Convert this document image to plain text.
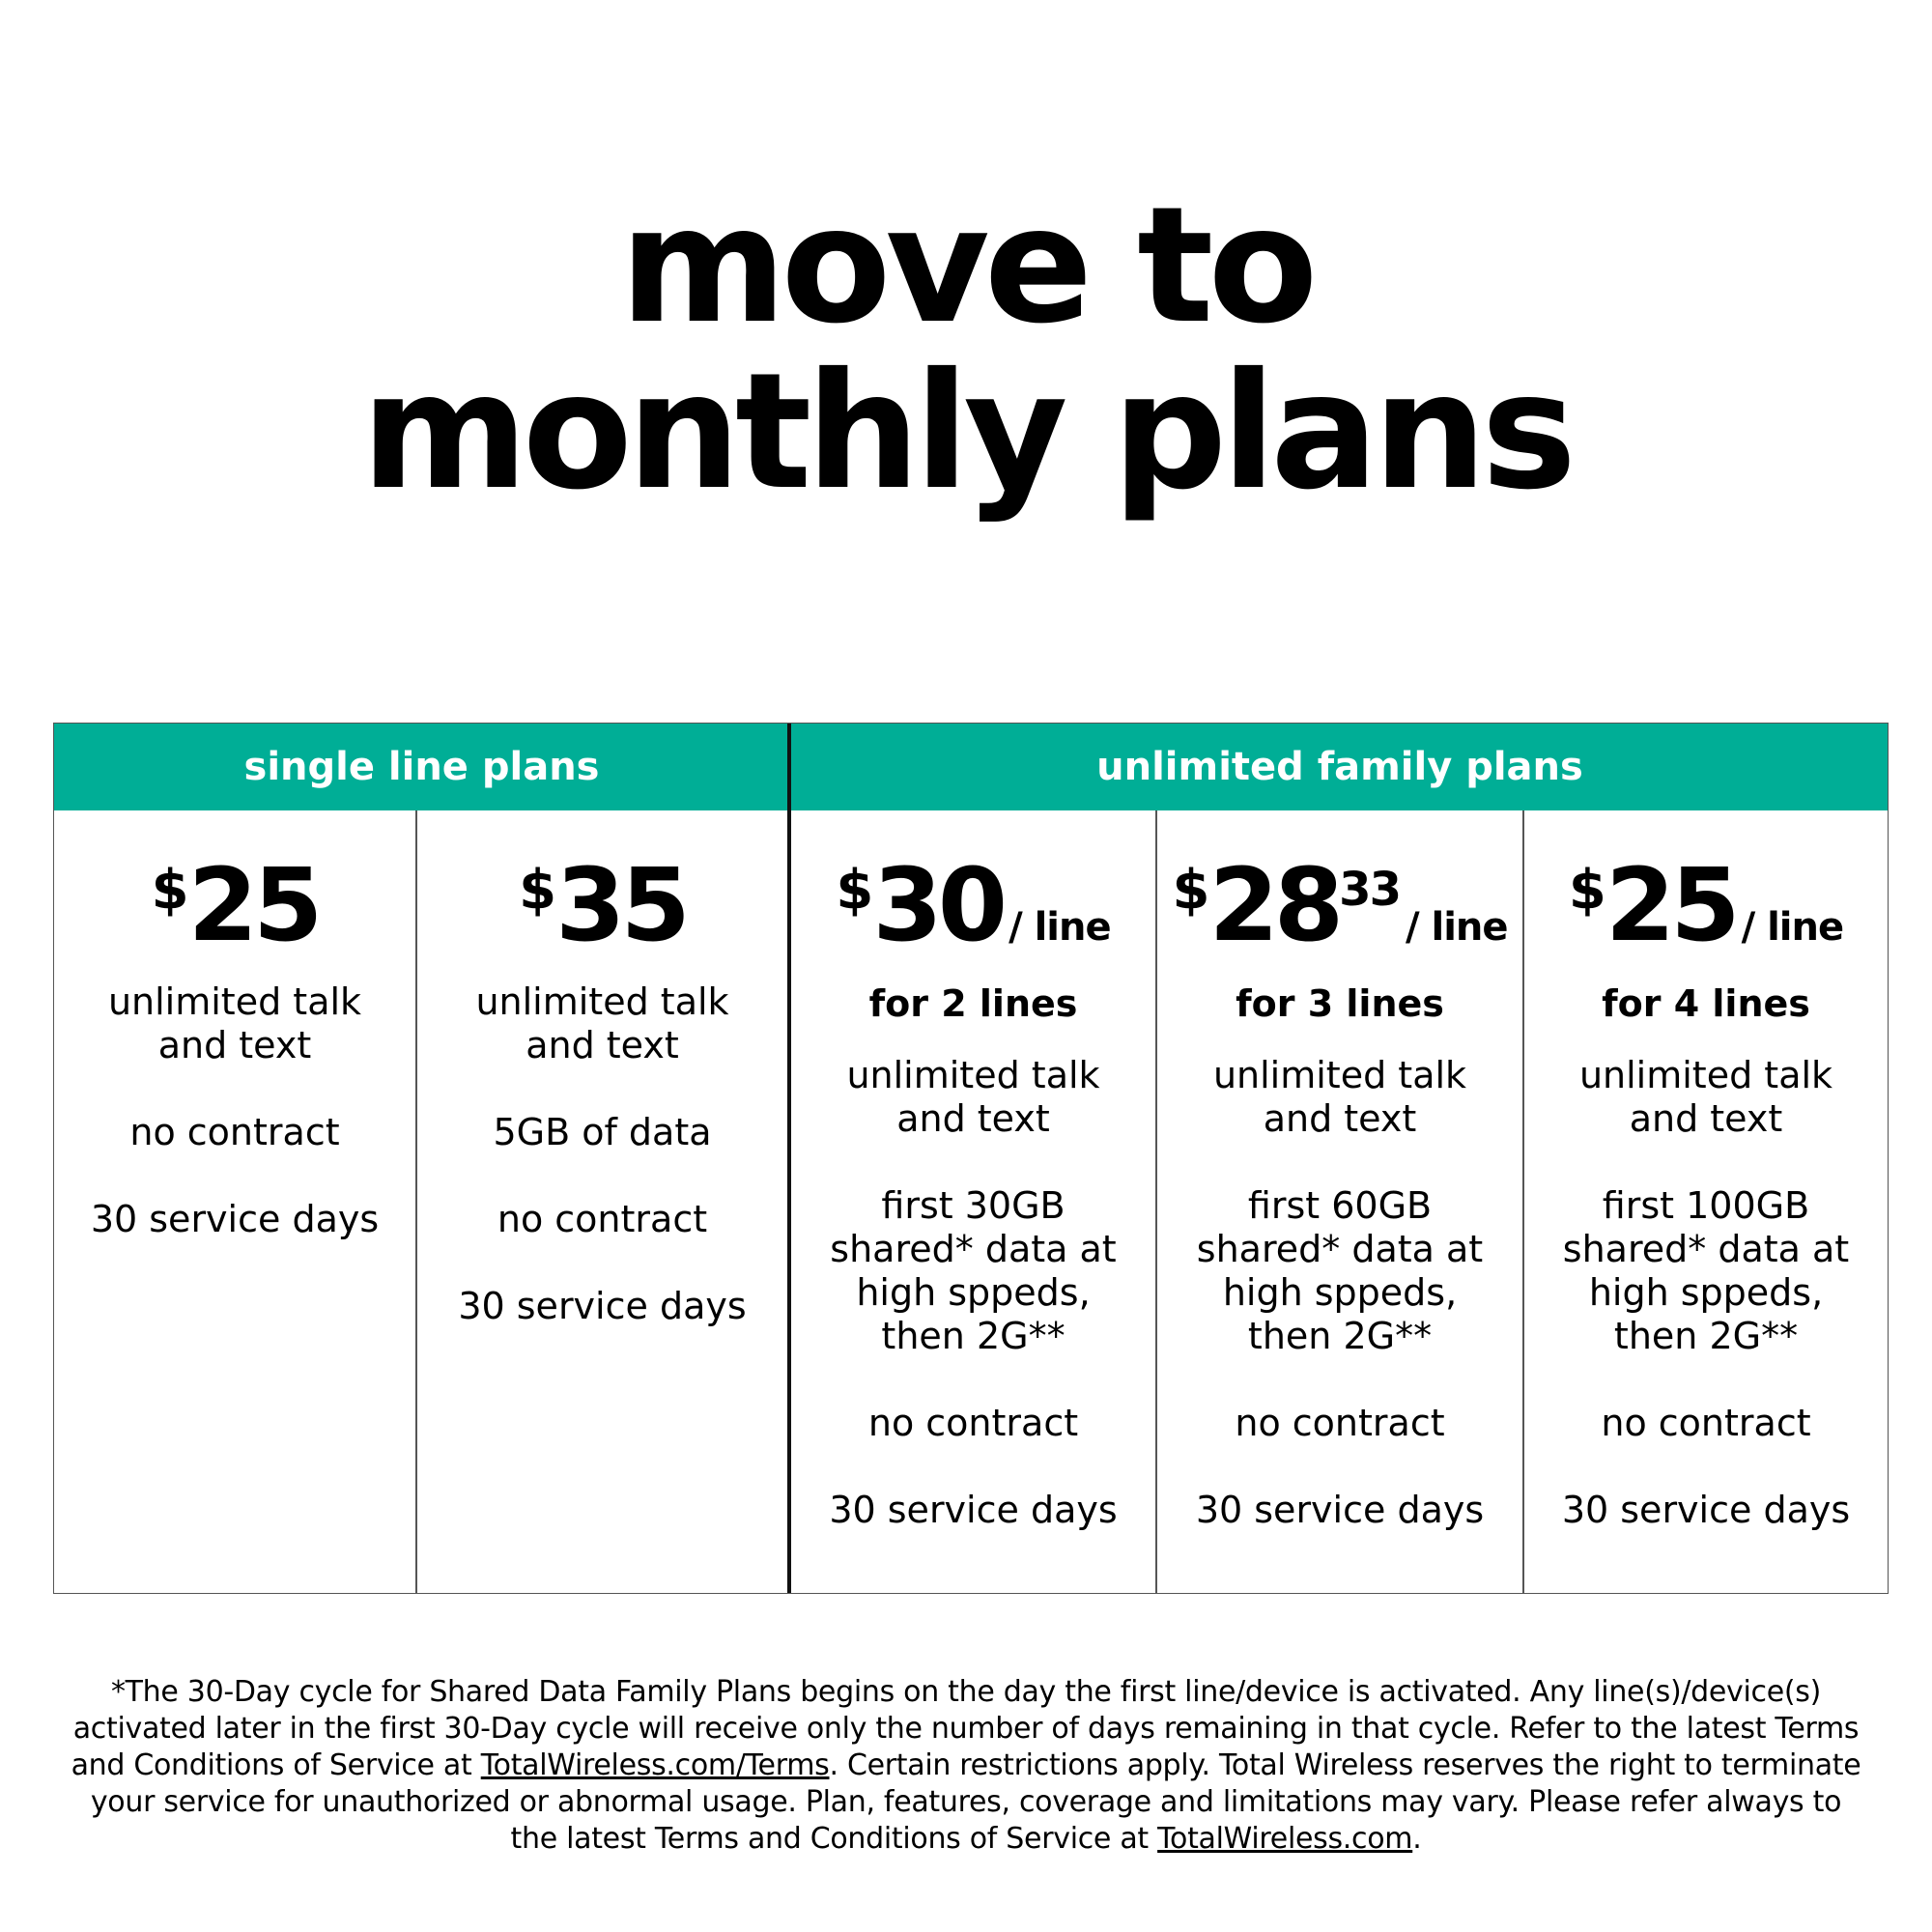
move to
monthly plans
single line plans	unlimited family plans
$25
unlimited talk
and text
no contract
30 service days
$35
unlimited talk
and text
5GB of data
no contract
30 service days
$30 / line
for 2 lines
unlimited talk
and text
first 30GB
shared* data at
high sppeds,
then 2G**
no contract
30 service days
$2833/ line
for 3 lines
unlimited talk
and text
first 60GB
shared* data at
high sppeds,
then 2G**
no contract
30 service days
$25 / line
for 4 lines
unlimited talk
and text
first 100GB
shared* data at
high sppeds,
then 2G**
no contract
30 service days
*The 30-Day cycle for Shared Data Family Plans begins on the day the first line/device is activated. Any line(s)/device(s) activated later in the first 30-Day cycle will receive only the number of days remaining in that cycle. Refer to the latest Terms and Conditions of Service at TotalWireless.com/Terms. Certain restrictions apply. Total Wireless reserves the right to terminate your service for unauthorized or abnormal usage. Plan, features, coverage and limitations may vary. Please refer always to the latest Terms and Conditions of Service at TotalWireless.com.
